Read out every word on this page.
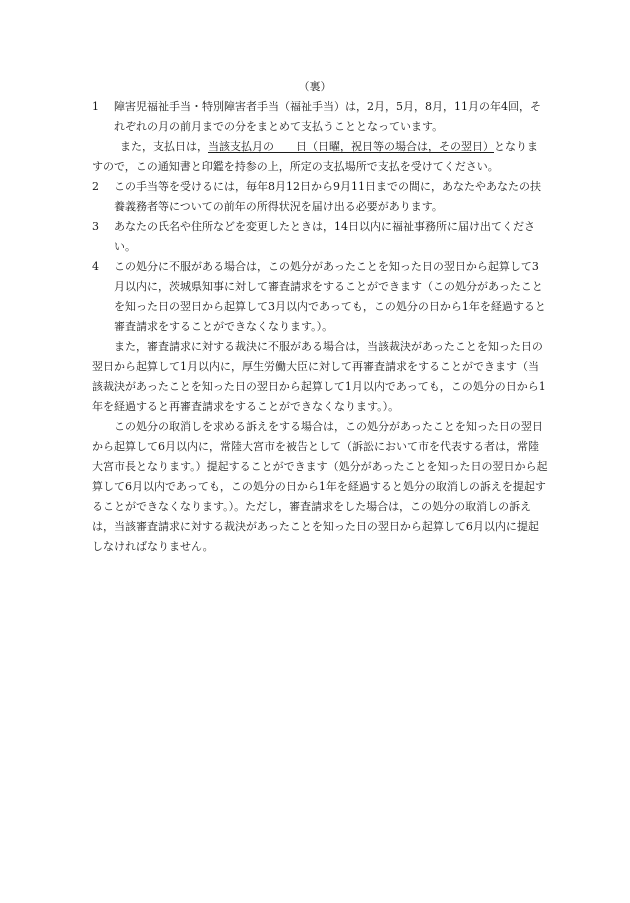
（裏）
1	障害児福祉手当・特別障害者手当（福祉手当）は，2月，5月，8月，11月の年4回，それぞれの月の前月までの分をまとめて支払うこととなっています。

また，支払日は，当該支払月の　　日（日曜，祝日等の場合は，その翌日）となりますので，この通知書と印鑑を持参の上，所定の支払場所で支払を受けてください。

2	この手当等を受けるには，毎年8月12日から9月11日までの間に，あなたやあなたの扶養義務者等についての前年の所得状況を届け出る必要があります。

3	あなたの氏名や住所などを変更したときは，14日以内に福祉事務所に届け出てください。

4	この処分に不服がある場合は，この処分があったことを知った日の翌日から起算して3月以内に，茨城県知事に対して審査請求をすることができます（この処分があったことを知った日の翌日から起算して3月以内であっても，この処分の日から1年を経過すると審査請求をすることができなくなります。）。

また，審査請求に対する裁決に不服がある場合は，当該裁決があったことを知った日の翌日から起算して1月以内に，厚生労働大臣に対して再審査請求をすることができます（当該裁決があったことを知った日の翌日から起算して1月以内であっても，この処分の日から1年を経過すると再審査請求をすることができなくなります。）。

この処分の取消しを求める訴えをする場合は，この処分があったことを知った日の翌日から起算して6月以内に，常陸大宮市を被告として（訴訟において市を代表する者は，常陸大宮市長となります。）提起することができます（処分があったことを知った日の翌日から起算して6月以内であっても，この処分の日から1年を経過すると処分の取消しの訴えを提起することができなくなります。）。ただし，審査請求をした場合は，この処分の取消しの訴えは，当該審査請求に対する裁決があったことを知った日の翌日から起算して6月以内に提起しなければなりません。
